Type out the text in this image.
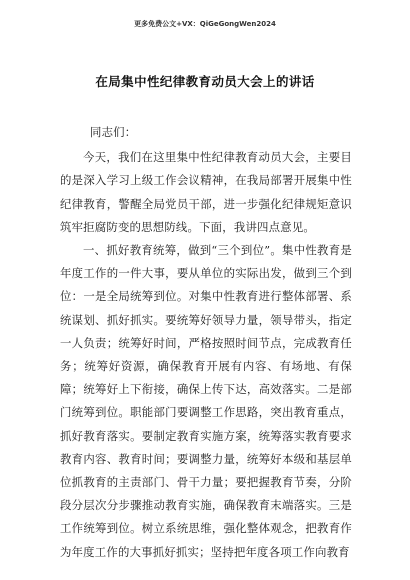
更多免费公文+VX：QiGeGongWen2024
在局集中性纪律教育动员大会上的讲话

同志们：

今天，我们在这里集中性纪律教育动员大会，主要目的是深入学习上级工作会议精神，在我局部署开展集中性纪律教育，警醒全局党员干部，进一步强化纪律规矩意识筑牢拒腐防变的思想防线。下面，我讲四点意见。

一、抓好教育统筹，做到“三个到位”。集中性教育是年度工作的一件大事，要从单位的实际出发，做到三个到位：一是全局统筹到位。对集中性教育进行整体部署、系统谋划、抓好抓实。要统筹好领导力量，领导带头，指定一人负责；统筹好时间，严格按照时间节点，完成教育任务；统筹好资源，确保教育开展有内容、有场地、有保障；统筹好上下衔接，确保上传下达，高效落实。二是部门统筹到位。职能部门要调整工作思路，突出教育重点，抓好教育落实。要制定教育实施方案，统筹落实教育要求教育内容、教育时间；要调整力量，统筹好本级和基层单位抓教育的主责部门、骨干力量；要把握教育节奏，分阶段分层次分步骤推动教育实施，确保教育末端落实。三是工作统筹到位。树立系统思维，强化整体观念，把教育作为年度工作的大事抓好抓实；坚持把年度各项工作向教育
